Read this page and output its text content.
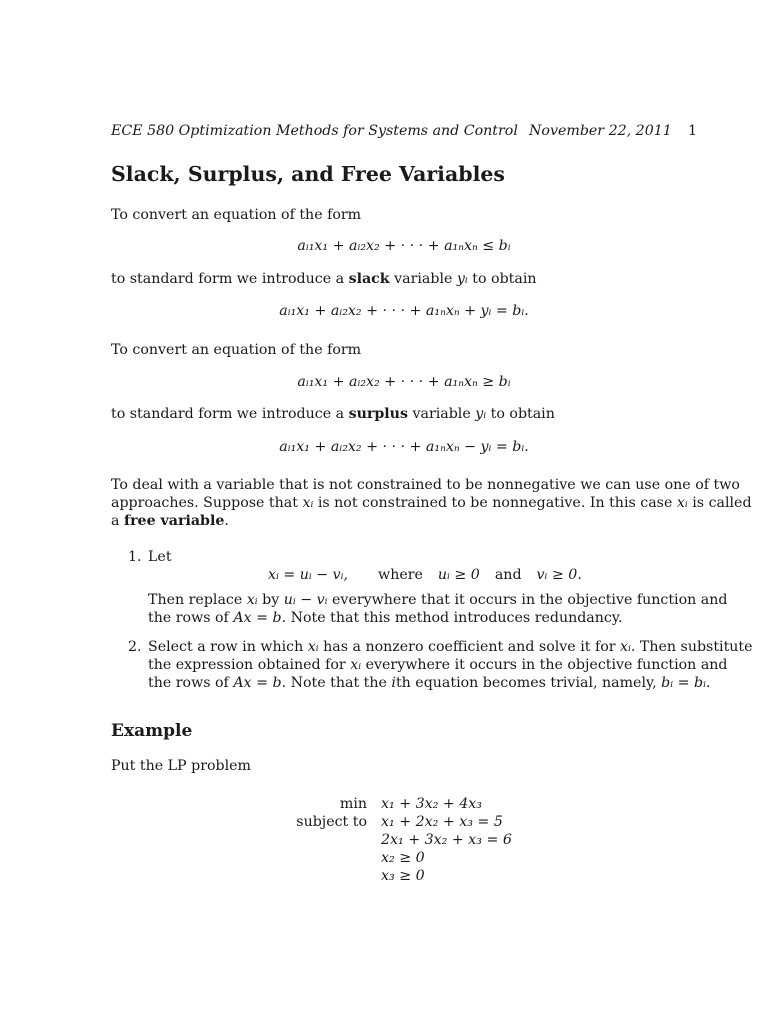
ECE 580 Optimization Methods for Systems and Control November 22, 2011 1
Slack, Surplus, and Free Variables
To convert an equation of the form
aᵢ₁x₁ + aᵢ₂x₂ + · · · + a₁ₙxₙ ≤ bᵢ
to standard form we introduce a slack variable yᵢ to obtain
aᵢ₁x₁ + aᵢ₂x₂ + · · · + a₁ₙxₙ + yᵢ = bᵢ.
To convert an equation of the form
aᵢ₁x₁ + aᵢ₂x₂ + · · · + a₁ₙxₙ ≥ bᵢ
to standard form we introduce a surplus variable yᵢ to obtain
aᵢ₁x₁ + aᵢ₂x₂ + · · · + a₁ₙxₙ − yᵢ = bᵢ.
To deal with a variable that is not constrained to be nonnegative we can use one of two
approaches. Suppose that xᵢ is not constrained to be nonnegative. In this case xᵢ is called
a free variable.
1. Let
xᵢ = uᵢ − vᵢ, where uᵢ ≥ 0 and vᵢ ≥ 0.
Then replace xᵢ by uᵢ − vᵢ everywhere that it occurs in the objective function and
the rows of Ax = b. Note that this method introduces redundancy.
2. Select a row in which xᵢ has a nonzero coefficient and solve it for xᵢ. Then substitute
the expression obtained for xᵢ everywhere it occurs in the objective function and
the rows of Ax = b. Note that the ith equation becomes trivial, namely, bᵢ = bᵢ.
Example
Put the LP problem
min x₁ + 3x₂ + 4x₃
subject to x₁ + 2x₂ + x₃ = 5
2x₁ + 3x₂ + x₃ = 6
x₂ ≥ 0
x₃ ≥ 0
